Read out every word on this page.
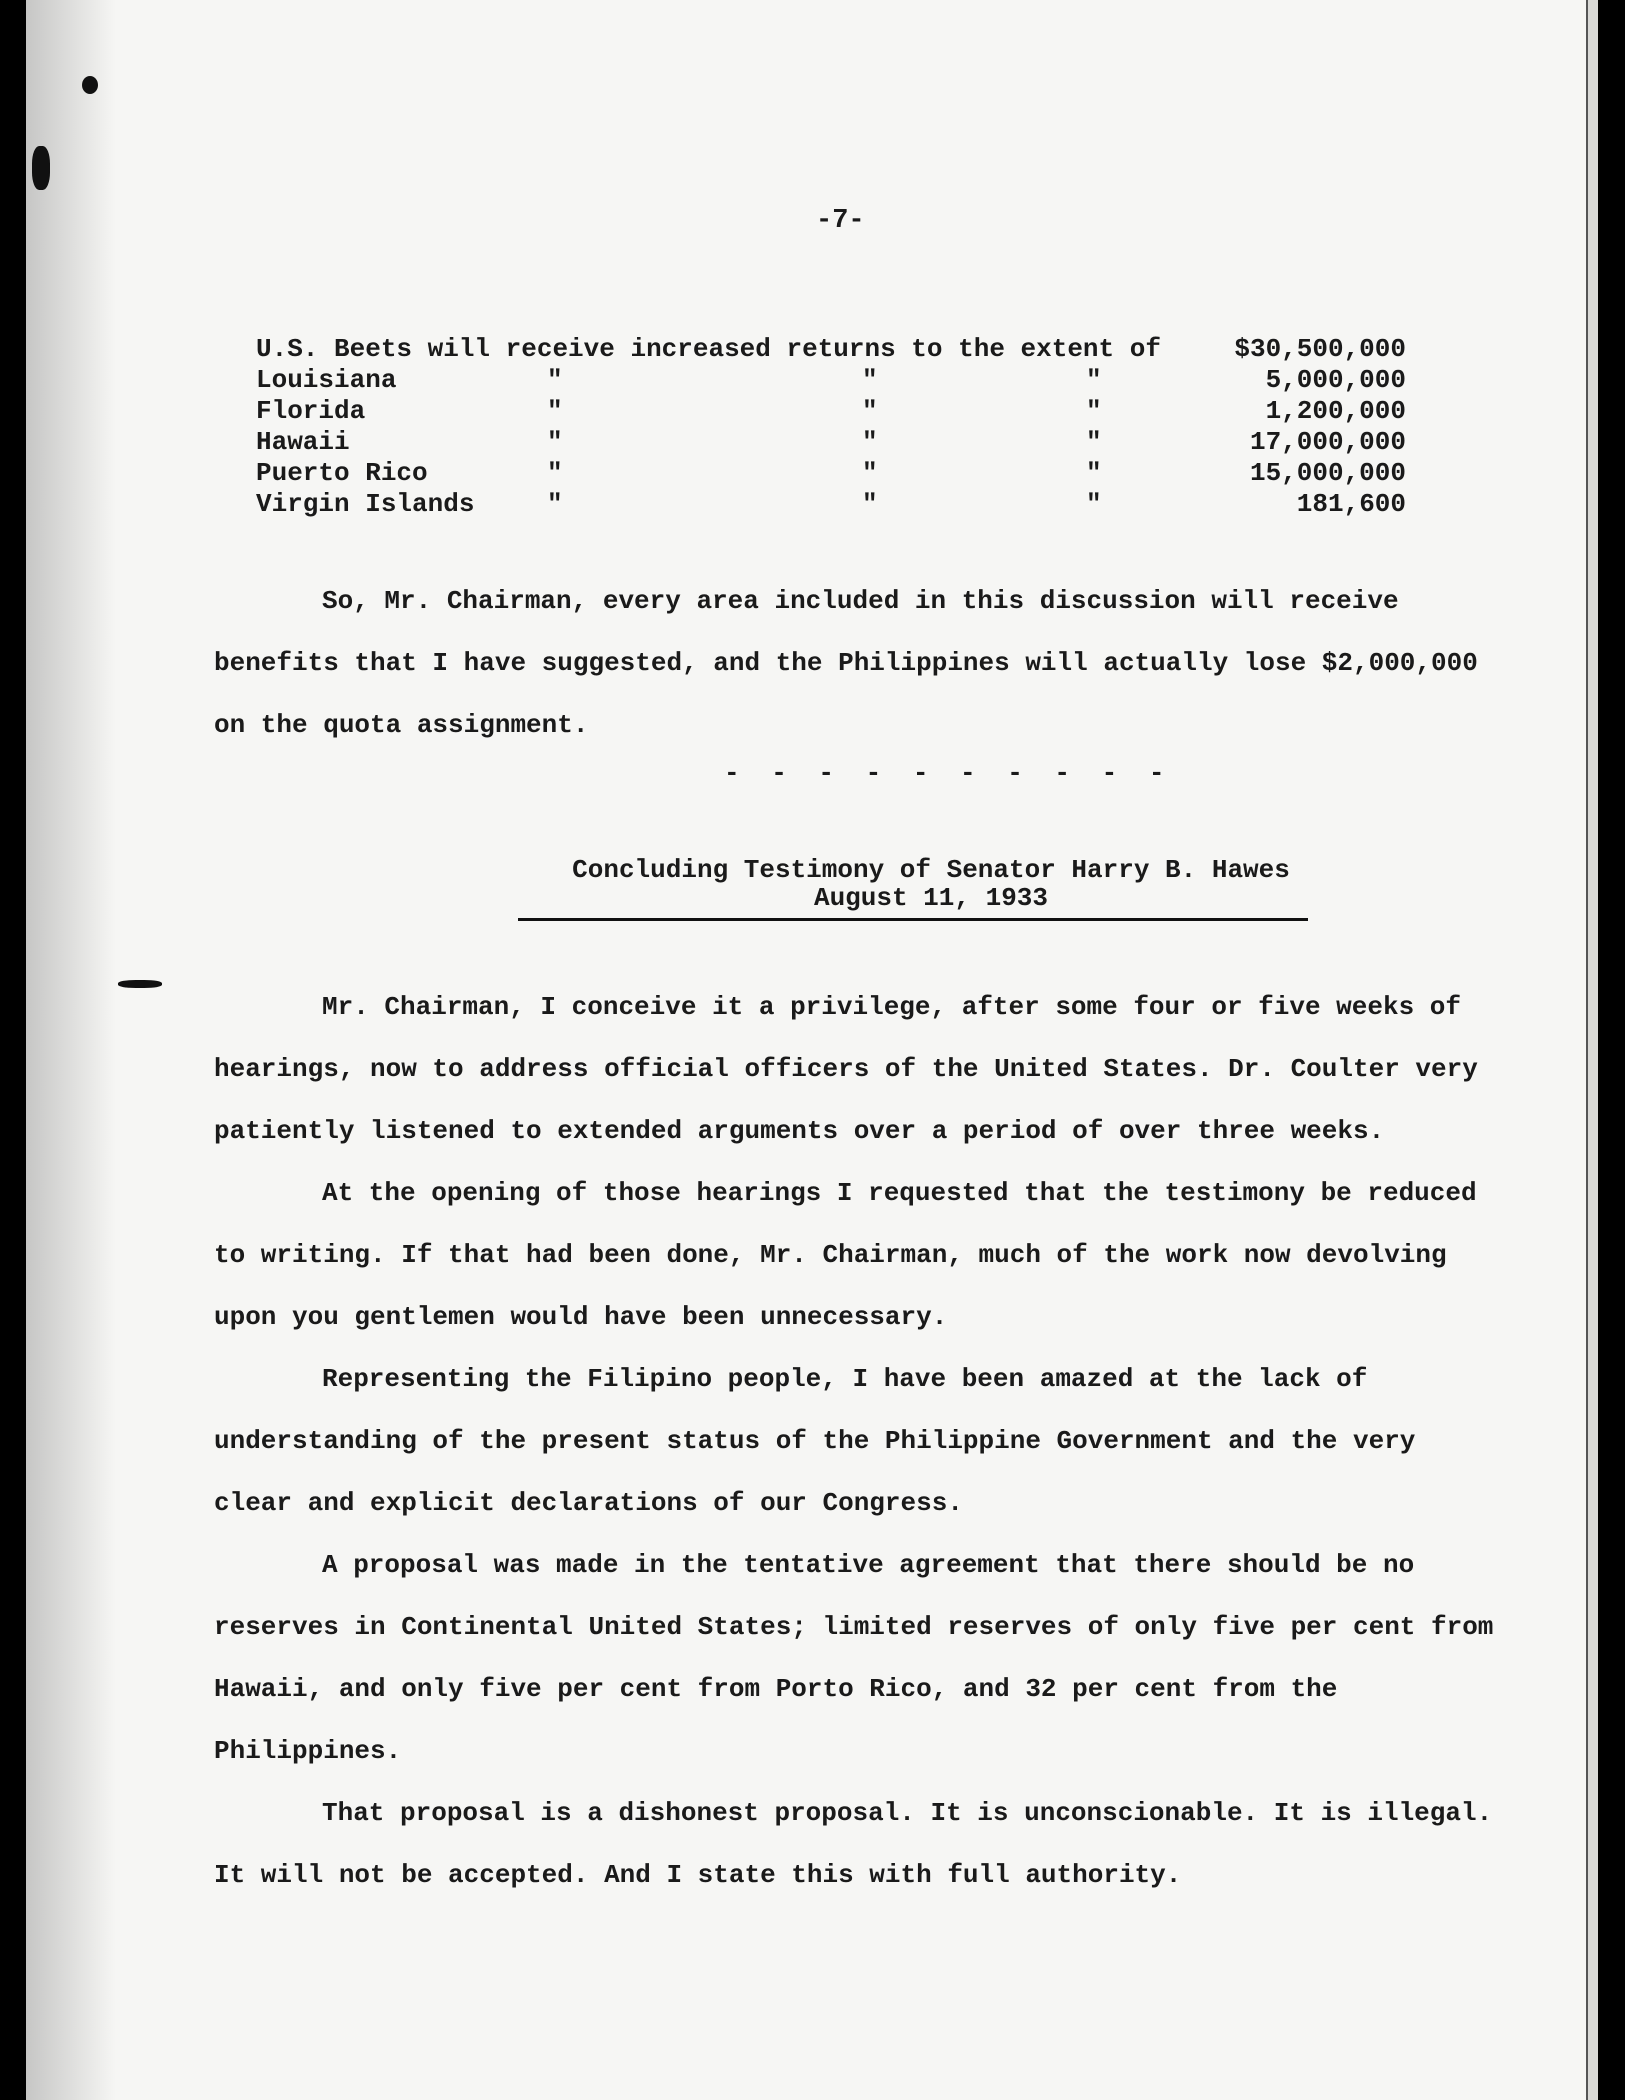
-7-
U.S. Beets will receive increased returns to the extent of	$30,500,000
Louisiana	"	"	"	5,000,000
Florida	"	"	"	1,200,000
Hawaii	"	"	"	17,000,000
Puerto Rico	"	"	"	15,000,000
Virgin Islands	"	"	"	181,600

So, Mr. Chairman, every area included in this discussion will receive benefits that I have suggested, and the Philippines will actually lose $2,000,000 on the quota assignment.

- - - - - - - - - -
Concluding Testimony of Senator Harry B. Hawes
August 11, 1933

Mr. Chairman, I conceive it a privilege, after some four or five weeks of hearings, now to address official officers of the United States. Dr. Coulter very patiently listened to extended arguments over a period of over three weeks.

At the opening of those hearings I requested that the testimony be reduced to writing. If that had been done, Mr. Chairman, much of the work now devolving upon you gentlemen would have been unnecessary.

Representing the Filipino people, I have been amazed at the lack of understanding of the present status of the Philippine Government and the very clear and explicit declarations of our Congress.

A proposal was made in the tentative agreement that there should be no reserves in Continental United States; limited reserves of only five per cent from Hawaii, and only five per cent from Porto Rico, and 32 per cent from the Philippines.

That proposal is a dishonest proposal. It is unconscionable. It is illegal. It will not be accepted. And I state this with full authority.
